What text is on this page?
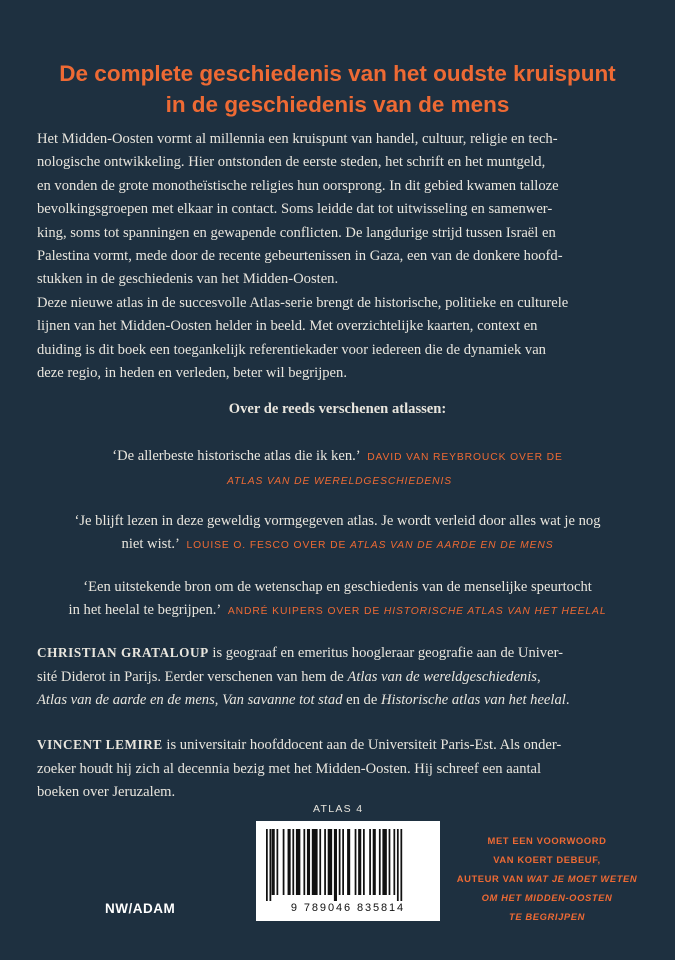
De complete geschiedenis van het oudste kruispunt
in de geschiedenis van de mens
Het Midden-Oosten vormt al millennia een kruispunt van handel, cultuur, religie en tech-
nologische ontwikkeling. Hier ontstonden de eerste steden, het schrift en het muntgeld,
en vonden de grote monotheïstische religies hun oorsprong. In dit gebied kwamen talloze
bevolkingsgroepen met elkaar in contact. Soms leidde dat tot uitwisseling en samenwer-
king, soms tot spanningen en gewapende conflicten. De langdurige strijd tussen Israël en
Palestina vormt, mede door de recente gebeurtenissen in Gaza, een van de donkere hoofd-
stukken in de geschiedenis van het Midden-Oosten.
Deze nieuwe atlas in de succesvolle Atlas-serie brengt de historische, politieke en culturele
lijnen van het Midden-Oosten helder in beeld. Met overzichtelijke kaarten, context en
duiding is dit boek een toegankelijk referentiekader voor iedereen die de dynamiek van
deze regio, in heden en verleden, beter wil begrijpen.
Over de reeds verschenen atlassen:
‘De allerbeste historische atlas die ik ken.’ DAVID VAN REYBROUCK OVER DE
ATLAS VAN DE WERELDGESCHIEDENIS
‘Je blijft lezen in deze geweldig vormgegeven atlas. Je wordt verleid door alles wat je nog
niet wist.’ LOUISE O. FESCO OVER DE ATLAS VAN DE AARDE EN DE MENS
‘Een uitstekende bron om de wetenschap en geschiedenis van de menselijke speurtocht
in het heelal te begrijpen.’ ANDRÉ KUIPERS OVER DE HISTORISCHE ATLAS VAN HET HEELAL
CHRISTIAN GRATALOUP is geograaf en emeritus hoogleraar geografie aan de Univer-
sité Diderot in Parijs. Eerder verschenen van hem de Atlas van de wereldgeschiedenis,
Atlas van de aarde en de mens, Van savanne tot stad en de Historische atlas van het heelal.
VINCENT LEMIRE is universitair hoofddocent aan de Universiteit Paris-Est. Als onder-
zoeker houdt hij zich al decennia bezig met het Midden-Oosten. Hij schreef een aantal
boeken over Jeruzalem.
ATLAS 4
9 789046 835814
NW/ADAM
MET EEN VOORWOORD
VAN KOERT DEBEUF,
AUTEUR VAN WAT JE MOET WETEN
OM HET MIDDEN-OOSTEN
TE BEGRIJPEN
